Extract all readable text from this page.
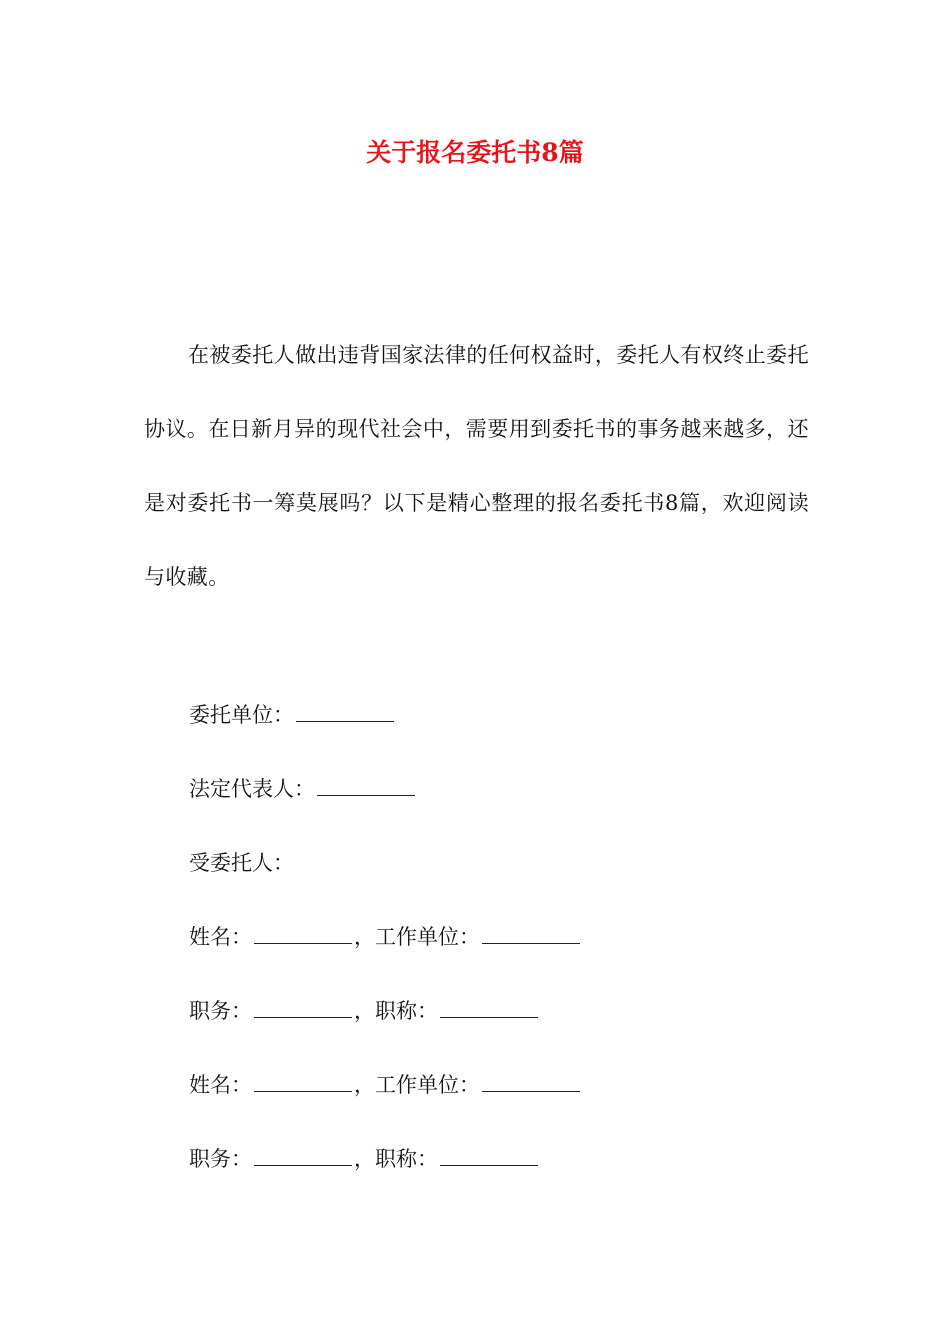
关于报名委托书8篇

在被委托人做出违背国家法律的任何权益时，委托人有权终止委托协议。在日新月异的现代社会中，需要用到委托书的事务越来越多，还是对委托书一筹莫展吗？以下是精心整理的报名委托书8篇，欢迎阅读与收藏。

委托单位：
法定代表人：
受委托人：
姓名：	，工作单位：
职务：	，职称：
姓名：	，工作单位：
职务：	，职称：
